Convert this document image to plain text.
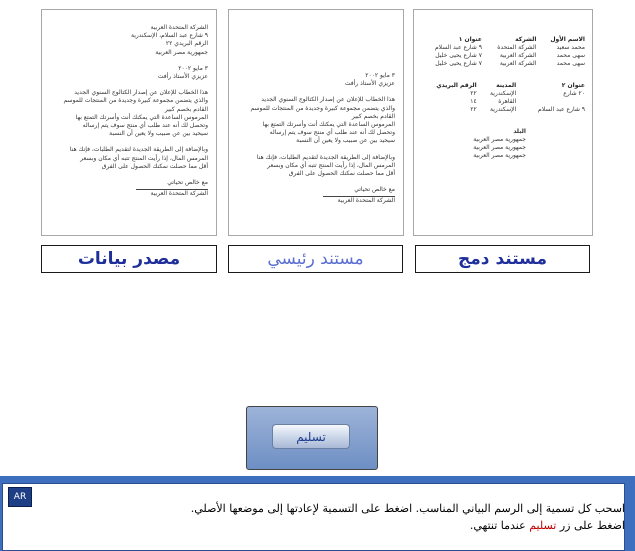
الشركة المتحدة العربية
٩ شارع عبد السلام، الإسكندرية
الرقم البريدي ٢٢
جمهورية مصر العربية
٣ مايو ٢٠٠٢
عزيزي الأستاذ رأفت
هذا الخطاب للإعلان عن إصدار الكتالوج السنوي الجديد
والذي يتضمن مجموعة كبيرة وجديدة من المنتجات للموسم
القادم بخصم كبير
المرموس الساعدة التي يمكنك أنت وأسرتك التمتع بها
وتحصل لك أنه عند طلب أي منتج سوف يتم إرساله
سيحيد بين عن صبيب ولا يعين أن النسبة
وبالإضافة إلى الطريقة الجديدة لتقديم الطلبات، فإنك هنا
المرمس المال، إذا رأيت المنتج تتبه أي مكان وبسعر
أقل مما حصلت نمكنك الحصول على الفرق
مع خالص تحياتي
الشركة المتحدة العربية
٣ مايو ٢٠٠٢
عزيزي الأستاذ رأفت
هذا الخطاب للإعلان عن إصدار الكتالوج السنوي الجديد
والذي يتضمن مجموعة كبيرة وجديدة من المنتجات للموسم
القادم بخصم كبير
المرموس الساعدة التي يمكنك أنت وأسرتك التمتع بها
وتحصل لك أنه عند طلب أي منتج سوف يتم إرساله
سيحيد بين عن صبيب ولا يعين أن النسبة
وبالإضافة إلى الطريقة الجديدة لتقديم الطلبات، فإنك هنا
المرمس المال، إذا رأيت المنتج تتبه أي مكان وبسعر
أقل مما حصلت نمكنك الحصول على الفرق
مع خالص تحياتي
الشركة المتحدة العربية
الاسم الأول	الشركة	عنوان ١
محمد سعيد	الشركة المتحدة	٩ شارع عبد السلام
سهى محمد	الشركة العربية	٧ شارع يحيى خليل
سهى محمد	الشركة العربية	٧ شارع يحيى خليل
عنوان ٢	المدينة	الرقم البريدي
٢٠ شارع	الإسكندرية	٢٢
	القاهرة	١٤
٩ شارع عبد السلام	الإسكندرية	٢٢
البلد
جمهورية مصر العربية
جمهورية مصر العربية
جمهورية مصر العربية
مصدر بيانات	مستند رئيسي	مستند دمج
تسليم
AR
اسحب كل تسمية إلى الرسم البياني المناسب. اضغط على التسمية لإعادتها إلى موضعها الأصلي.
اضغط على زر تسليم عندما تنتهي.
